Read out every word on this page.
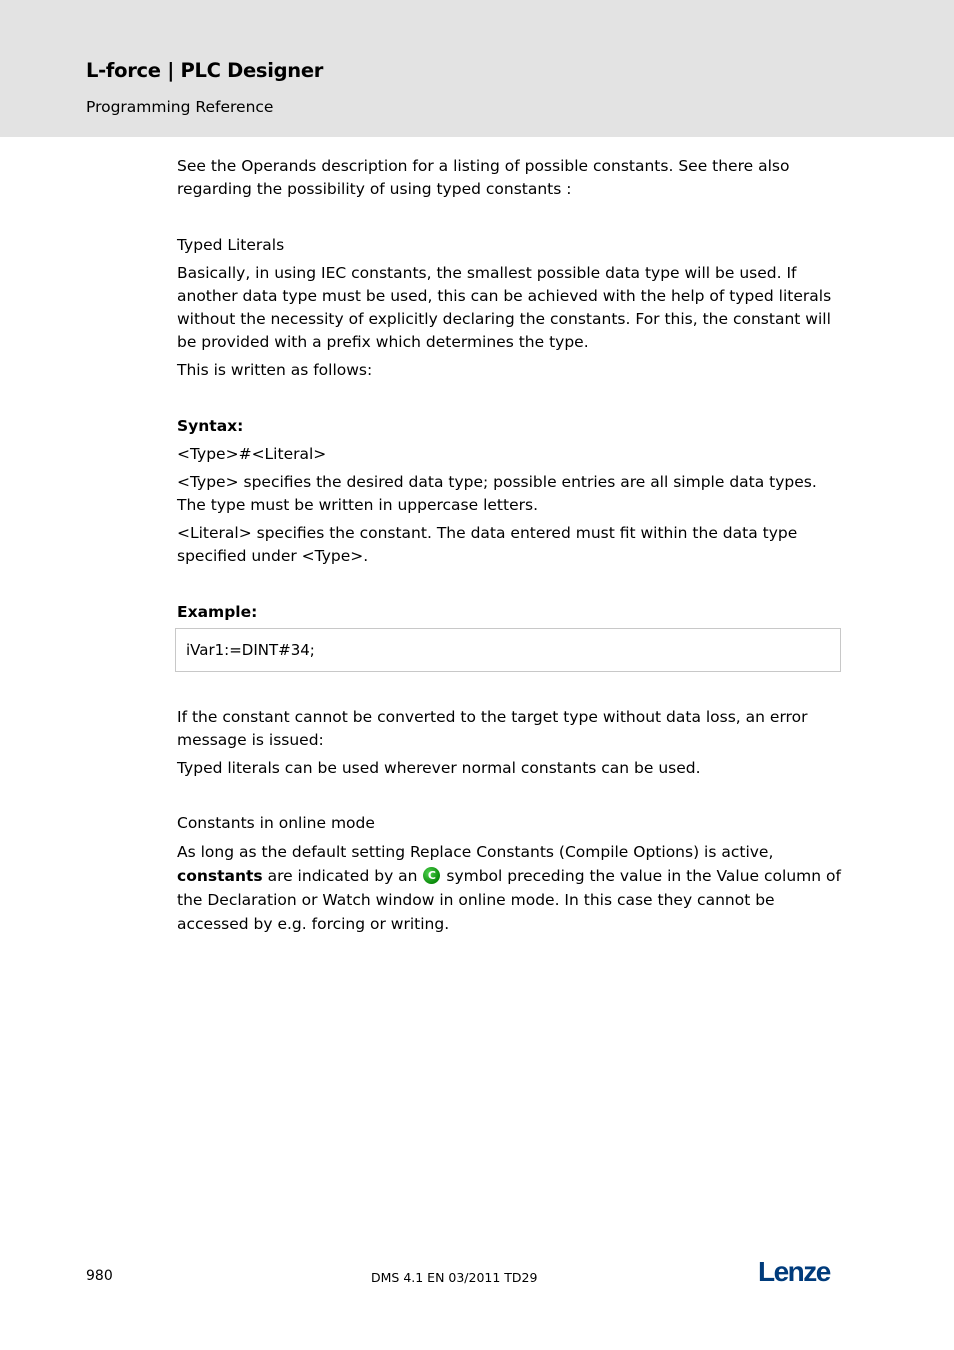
L-force | PLC Designer
Programming Reference

See the Operands description for a listing of possible constants. See there also regarding the possibility of using typed constants :

Typed Literals

Basically, in using IEC constants, the smallest possible data type will be used. If another data type must be used, this can be achieved with the help of typed literals without the necessity of explicitly declaring the constants. For this, the constant will be provided with a prefix which determines the type.

This is written as follows:

Syntax:

<Type>#<Literal>

<Type> specifies the desired data type; possible entries are all simple data types. The type must be written in uppercase letters.

<Literal> specifies the constant. The data entered must fit within the data type specified under <Type>.

Example:

iVar1:=DINT#34;

If the constant cannot be converted to the target type without data loss, an error message is issued:

Typed literals can be used wherever normal constants can be used.

Constants in online mode

As long as the default setting Replace Constants (Compile Options) is active, constants are indicated by an C symbol preceding the value in the Value column of the Declaration or Watch window in online mode. In this case they cannot be accessed by e.g. forcing or writing.

980	DMS 4.1 EN 03/2011 TD29	Lenze
